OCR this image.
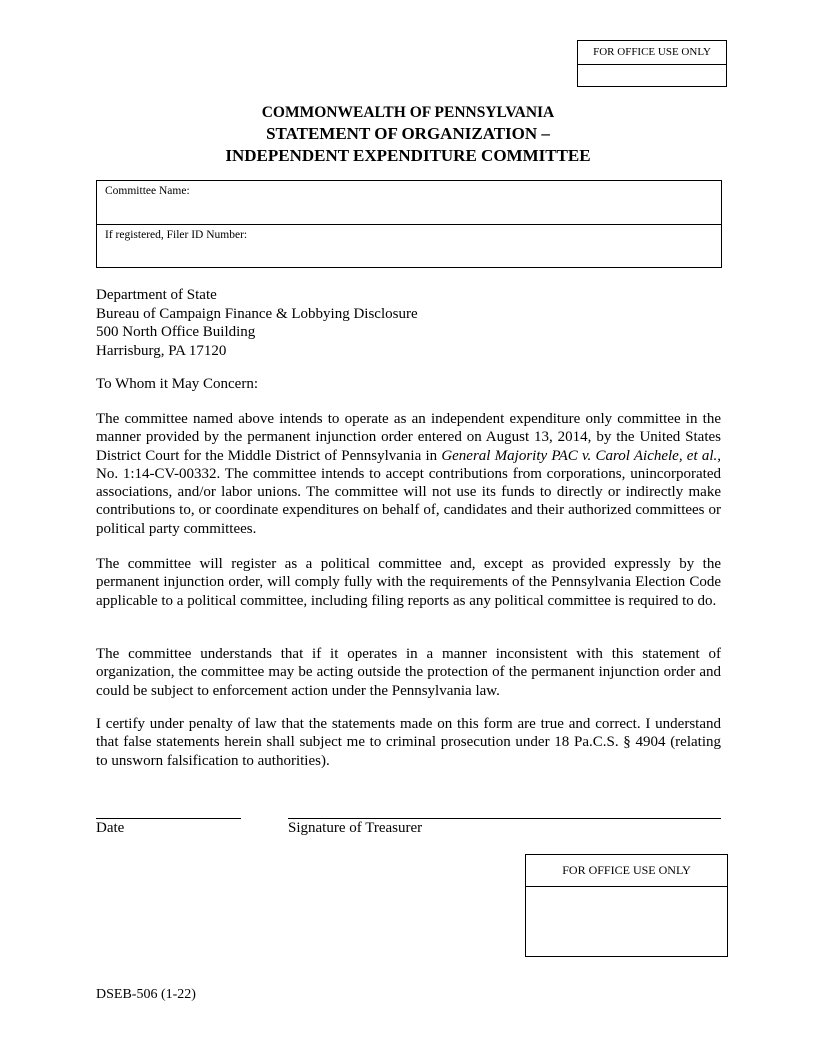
FOR OFFICE USE ONLY
COMMONWEALTH OF PENNSYLVANIA
STATEMENT OF ORGANIZATION –
INDEPENDENT EXPENDITURE COMMITTEE
Committee Name:
If registered, Filer ID Number:
Department of State
Bureau of Campaign Finance & Lobbying Disclosure
500 North Office Building
Harrisburg, PA 17120
To Whom it May Concern:

The committee named above intends to operate as an independent expenditure only committee in the manner provided by the permanent injunction order entered on August 13, 2014, by the United States District Court for the Middle District of Pennsylvania in General Majority PAC v. Carol Aichele, et al., No. 1:14-CV-00332. The committee intends to accept contributions from corporations, unincorporated associations, and/or labor unions. The committee will not use its funds to directly or indirectly make contributions to, or coordinate expenditures on behalf of, candidates and their authorized committees or political party committees.

The committee will register as a political committee and, except as provided expressly by the permanent injunction order, will comply fully with the requirements of the Pennsylvania Election Code applicable to a political committee, including filing reports as any political committee is required to do.

The committee understands that if it operates in a manner inconsistent with this statement of organization, the committee may be acting outside the protection of the permanent injunction order and could be subject to enforcement action under the Pennsylvania law.

I certify under penalty of law that the statements made on this form are true and correct. I understand that false statements herein shall subject me to criminal prosecution under 18 Pa.C.S. § 4904 (relating to unsworn falsification to authorities).

Date	Signature of Treasurer
FOR OFFICE USE ONLY
DSEB-506 (1-22)
